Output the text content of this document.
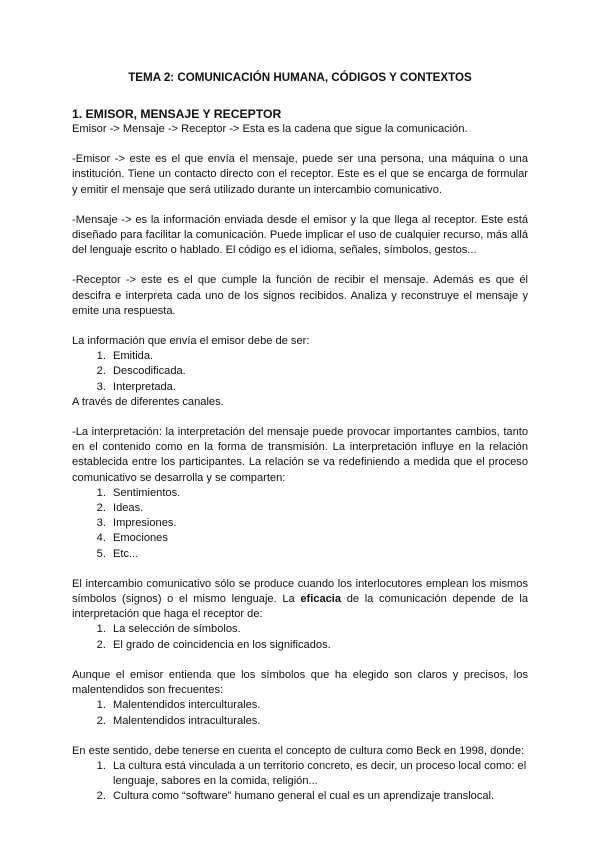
TEMA 2: COMUNICACIÓN HUMANA, CÓDIGOS Y CONTEXTOS
1. EMISOR, MENSAJE Y RECEPTOR

Emisor -> Mensaje -> Receptor -> Esta es la cadena que sigue la comunicación.

-Emisor -> este es el que envía el mensaje, puede ser una persona, una máquina o una institución. Tiene un contacto directo con el receptor. Este es el que se encarga de formular y emitir el mensaje que será utilizado durante un intercambio comunicativo.

-Mensaje -> es la información enviada desde el emisor y la que llega al receptor. Este está diseñado para facilitar la comunicación. Puede implicar el uso de cualquier recurso, más allá del lenguaje escrito o hablado. El código es el idioma, señales, símbolos, gestos...

-Receptor -> este es el que cumple la función de recibir el mensaje. Además es que él descifra e interpreta cada uno de los signos recibidos. Analiza y reconstruye el mensaje y emite una respuesta.

La información que envía el emisor debe de ser:

1. Emitida.
2. Descodificada.
3. Interpretada.

A través de diferentes canales.

-La interpretación: la interpretación del mensaje puede provocar importantes cambios, tanto en el contenido como en la forma de transmisión. La interpretación influye en la relación establecida entre los participantes. La relación se va redefiniendo a medida que el proceso comunicativo se desarrolla y se comparten:

1. Sentimientos.
2. Ideas.
3. Impresiones.
4. Emociones
5. Etc...

El intercambio comunicativo sólo se produce cuando los interlocutores emplean los mismos símbolos (signos) o el mismo lenguaje. La eficacia de la comunicación depende de la interpretación que haga el receptor de:

1. La selección de símbolos.
2. El grado de coincidencia en los significados.

Aunque el emisor entienda que los símbolos que ha elegido son claros y precisos, los malentendidos son frecuentes:

1. Malentendidos interculturales.
2. Malentendidos intraculturales.

En este sentido, debe tenerse en cuenta el concepto de cultura como Beck en 1998, donde:

1. La cultura está vinculada a un territorio concreto, es decir, un proceso local como: el lenguaje, sabores en la comida, religión...
2. Cultura como “software” humano general el cual es un aprendizaje translocal.
